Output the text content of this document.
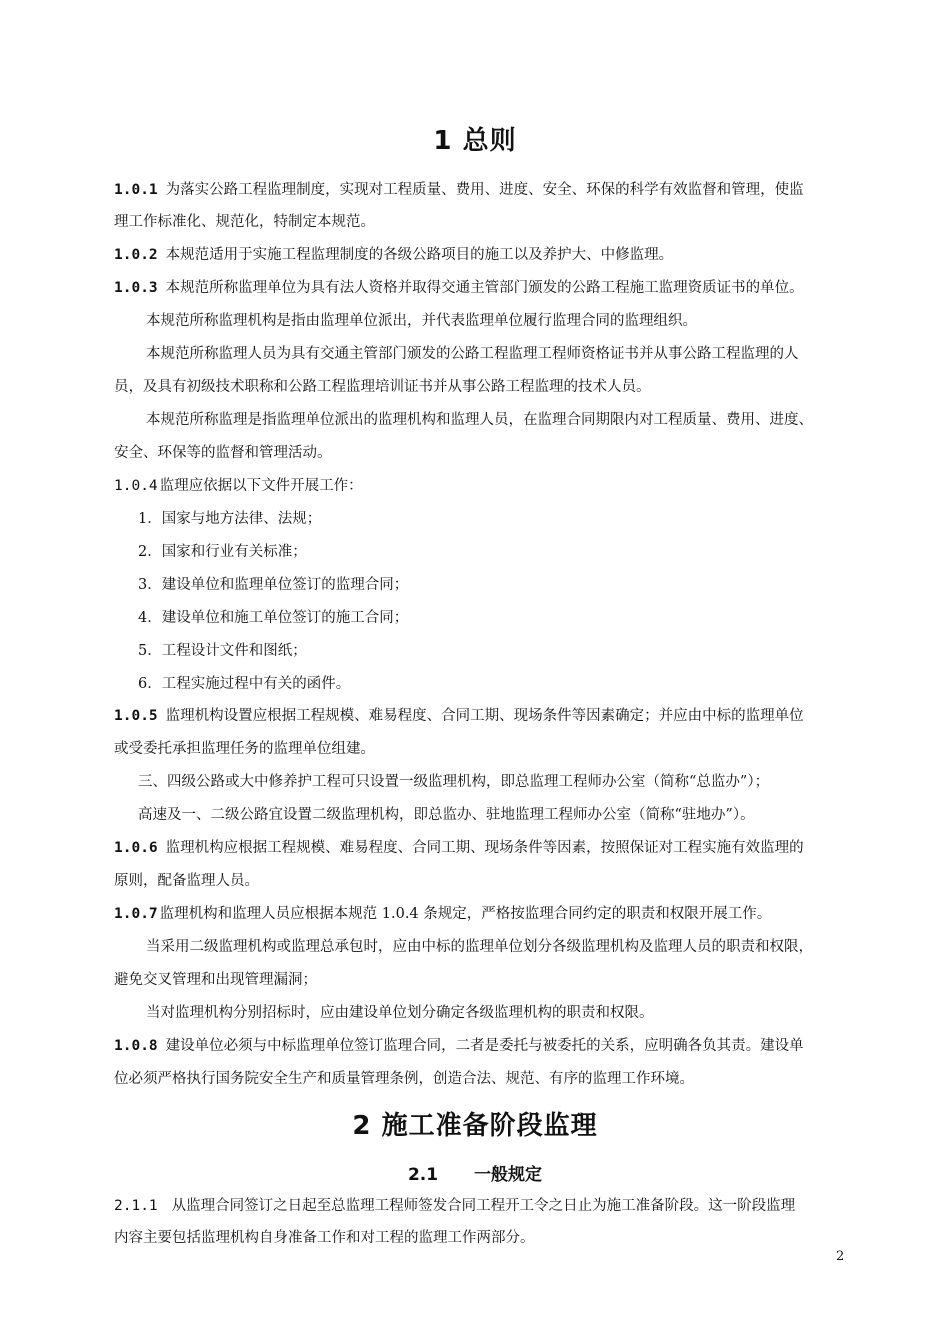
1 总则
1.0.1 为落实公路工程监理制度，实现对工程质量、费用、进度、安全、环保的科学有效监督和管理，使监
理工作标准化、规范化，特制定本规范。
1.0.2 本规范适用于实施工程监理制度的各级公路项目的施工以及养护大、中修监理。
1.0.3 本规范所称监理单位为具有法人资格并取得交通主管部门颁发的公路工程施工监理资质证书的单位。
本规范所称监理机构是指由监理单位派出，并代表监理单位履行监理合同的监理组织。
本规范所称监理人员为具有交通主管部门颁发的公路工程监理工程师资格证书并从事公路工程监理的人
员，及具有初级技术职称和公路工程监理培训证书并从事公路工程监理的技术人员。
本规范所称监理是指监理单位派出的监理机构和监理人员，在监理合同期限内对工程质量、费用、进度、
安全、环保等的监督和管理活动。
1.0.4 监理应依据以下文件开展工作：
1．国家与地方法律、法规；
2．国家和行业有关标准；
3．建设单位和监理单位签订的监理合同；
4．建设单位和施工单位签订的施工合同；
5．工程设计文件和图纸；
6．工程实施过程中有关的函件。
1.0.5 监理机构设置应根据工程规模、难易程度、合同工期、现场条件等因素确定；并应由中标的监理单位
或受委托承担监理任务的监理单位组建。
三、四级公路或大中修养护工程可只设置一级监理机构，即总监理工程师办公室（简称“总监办”）；
高速及一、二级公路宜设置二级监理机构，即总监办、驻地监理工程师办公室（简称“驻地办”）。
1.0.6 监理机构应根据工程规模、难易程度、合同工期、现场条件等因素，按照保证对工程实施有效监理的
原则，配备监理人员。
1.0.7 监理机构和监理人员应根据本规范 1.0.4 条规定，严格按监理合同约定的职责和权限开展工作。
当采用二级监理机构或监理总承包时，应由中标的监理单位划分各级监理机构及监理人员的职责和权限，
避免交叉管理和出现管理漏洞；
当对监理机构分别招标时，应由建设单位划分确定各级监理机构的职责和权限。
1.0.8 建设单位必须与中标监理单位签订监理合同，二者是委托与被委托的关系，应明确各负其责。建设单
位必须严格执行国务院安全生产和质量管理条例，创造合法、规范、有序的监理工作环境。
2 施工准备阶段监理
2.1 一般规定
2.1.1 从监理合同签订之日起至总监理工程师签发合同工程开工令之日止为施工准备阶段。这一阶段监理
内容主要包括监理机构自身准备工作和对工程的监理工作两部分。
2
